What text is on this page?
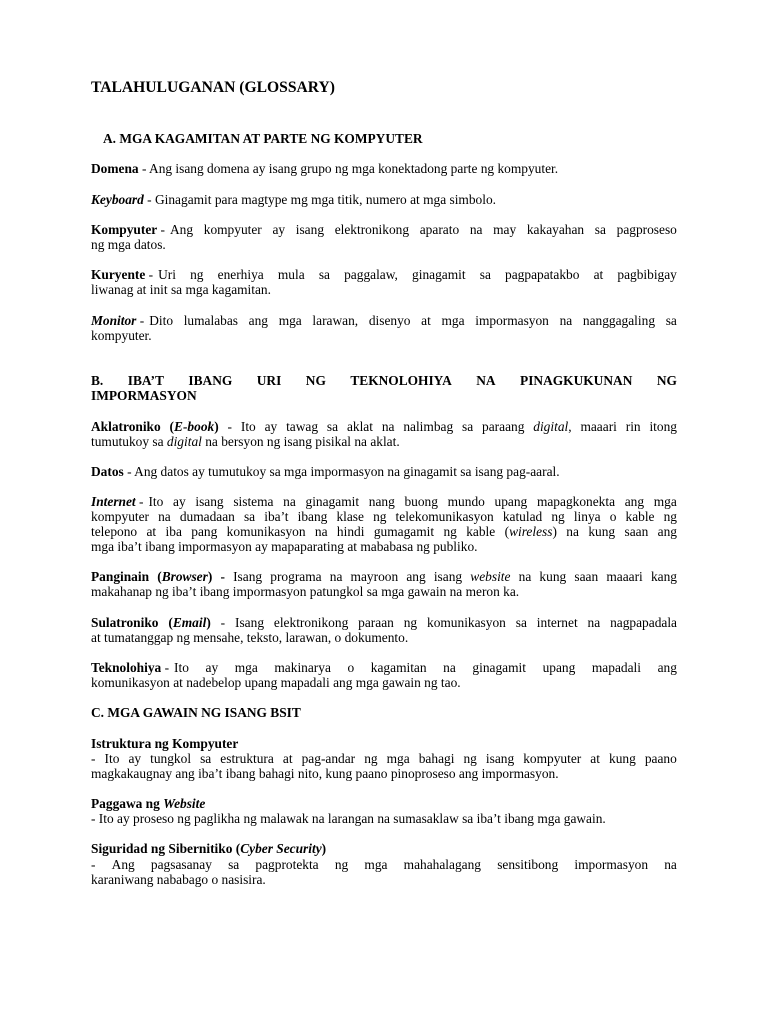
TALAHULUGANAN (GLOSSARY)
A. MGA KAGAMITAN AT PARTE NG KOMPYUTER
Domena - Ang isang domena ay isang grupo ng mga konektadong parte ng kompyuter.
Keyboard - Ginagamit para magtype mg mga titik, numero at mga simbolo.
Kompyuter - Ang kompyuter ay isang elektronikong aparato na may kakayahan sa pagproseso
ng mga datos.
Kuryente - Uri ng enerhiya mula sa paggalaw, ginagamit sa pagpapatakbo at pagbibigay
liwanag at init sa mga kagamitan.
Monitor - Dito lumalabas ang mga larawan, disenyo at mga impormasyon na nanggagaling sa
kompyuter.
B. IBA’T IBANG URI NG TEKNOLOHIYA NA PINAGKUKUNAN NG
IMPORMASYON
Aklatroniko (E-book) - Ito ay tawag sa aklat na nalimbag sa paraang digital, maaari rin itong
tumutukoy sa digital na bersyon ng isang pisikal na aklat.
Datos - Ang datos ay tumutukoy sa mga impormasyon na ginagamit sa isang pag-aaral.
Internet - Ito ay isang sistema na ginagamit nang buong mundo upang mapagkonekta ang mga
kompyuter na dumadaan sa iba’t ibang klase ng telekomunikasyon katulad ng linya o kable ng
telepono at iba pang komunikasyon na hindi gumagamit ng kable (wireless) na kung saan ang
mga iba’t ibang impormasyon ay mapaparating at mababasa ng publiko.
Panginain (Browser) - Isang programa na mayroon ang isang website na kung saan maaari kang
makahanap ng iba’t ibang impormasyon patungkol sa mga gawain na meron ka.
Sulatroniko (Email) - Isang elektronikong paraan ng komunikasyon sa internet na nagpapadala
at tumatanggap ng mensahe, teksto, larawan, o dokumento.
Teknolohiya - Ito ay mga makinarya o kagamitan na ginagamit upang mapadali ang
komunikasyon at nadebelop upang mapadali ang mga gawain ng tao.
C. MGA GAWAIN NG ISANG BSIT
Istruktura ng Kompyuter
- Ito ay tungkol sa estruktura at pag-andar ng mga bahagi ng isang kompyuter at kung paano
magkakaugnay ang iba’t ibang bahagi nito, kung paano pinoproseso ang impormasyon.
Paggawa ng Website
- Ito ay proseso ng paglikha ng malawak na larangan na sumasaklaw sa iba’t ibang mga gawain.
Siguridad ng Sibernitiko (Cyber Security)
- Ang pagsasanay sa pagprotekta ng mga mahahalagang sensitibong impormasyon na
karaniwang nababago o nasisira.
